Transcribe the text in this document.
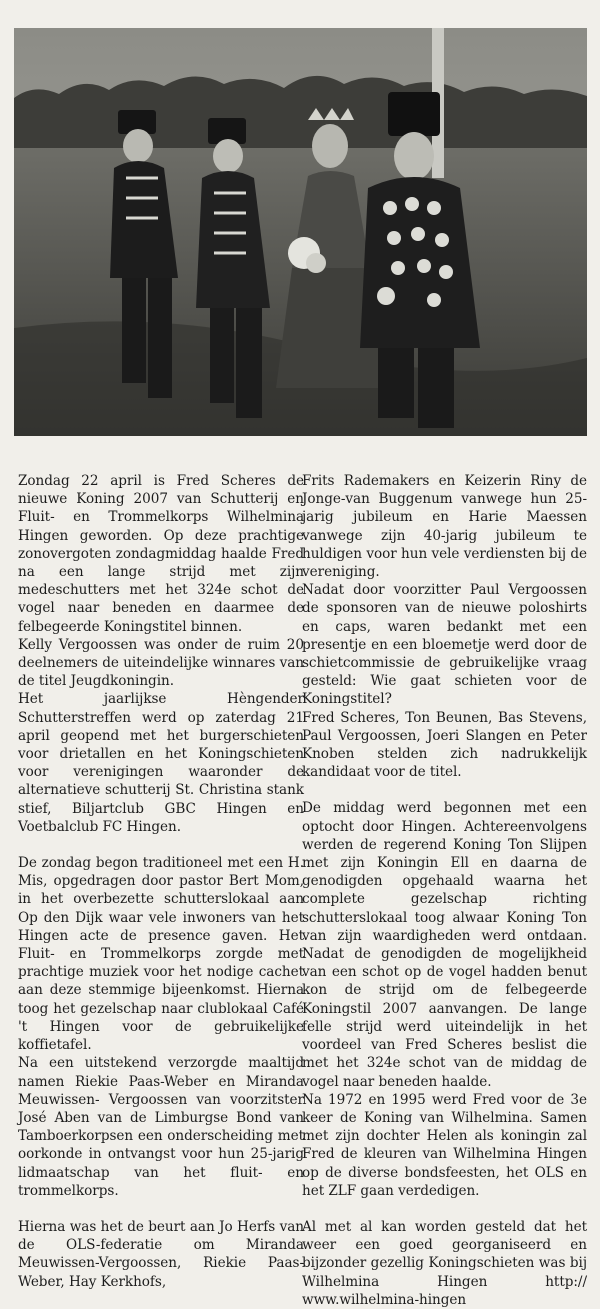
Zondag 22 april is Fred Scheres de nieuwe Koning 2007 van Schutterij en Fluit- en Trommelkorps Wilhelmina Hingen geworden. Op deze prachtige zonovergoten zondagmiddag haalde Fred na een lange strijd met zijn medeschutters met het 324e schot de vogel naar beneden en daarmee de felbegeerde Koningstitel binnen.

Kelly Vergoossen was onder de ruim 20 deelnemers de uiteindelijke winnares van de titel Jeugdkoningin.

Het jaarlijkse Hèngender Schutterstreffen werd op zaterdag 21 april geopend met het burgerschieten voor drietallen en het Koningschieten voor verenigingen waaronder de alternatieve schutterij St. Christina stank stief, Biljartclub GBC Hingen en Voetbalclub FC Hingen.

De zondag begon traditioneel met een H. Mis, opgedragen door pastor Bert Mom, in het overbezette schutterslokaal aan Op den Dijk waar vele inwoners van het Hingen acte de presence gaven. Het Fluit- en Trommelkorps zorgde met prachtige muziek voor het nodige cachet aan deze stemmige bijeenkomst. Hierna toog het gezelschap naar clublokaal Café 't Hingen voor de gebruikelijke koffietafel.

Na een uitstekend verzorgde maaltijd namen Riekie Paas-Weber en Miranda Meuwissen- Vergoossen van voorzitster José Aben van de Limburgse Bond van Tamboerkorpsen een onderscheiding met oorkonde in ontvangst voor hun 25-jarig lidmaatschap van het fluit- en trommelkorps.

Hierna was het de beurt aan Jo Herfs van de OLS-federatie om Miranda Meuwissen-Vergoossen, Riekie Paas-Weber, Hay Kerkhofs,

Frits Rademakers en Keizerin Riny de Jonge-van Buggenum vanwege hun 25-jarig jubileum en Harie Maessen vanwege zijn 40-jarig jubileum te huldigen voor hun vele verdiensten bij de vereniging.

Nadat door voorzitter Paul Vergoossen de sponsoren van de nieuwe poloshirts en caps, waren bedankt met een presentje en een bloemetje werd door de schietcommissie de gebruikelijke vraag gesteld: Wie gaat schieten voor de Koningstitel?

Fred Scheres, Ton Beunen, Bas Stevens, Paul Vergoossen, Joeri Slangen en Peter Knoben stelden zich nadrukkelijk kandidaat voor de titel.

De middag werd begonnen met een optocht door Hingen. Achtereenvolgens werden de regerend Koning Ton Slijpen met zijn Koningin Ell en daarna de genodigden opgehaald waarna het complete gezelschap richting schutterslokaal toog alwaar Koning Ton van zijn waardigheden werd ontdaan. Nadat de genodigden de mogelijkheid van een schot op de vogel hadden benut kon de strijd om de felbegeerde Koningstil 2007 aanvangen. De lange felle strijd werd uiteindelijk in het voordeel van Fred Scheres beslist die met het 324e schot van de middag de vogel naar beneden haalde.

Na 1972 en 1995 werd Fred voor de 3e keer de Koning van Wilhelmina. Samen met zijn dochter Helen als koningin zal Fred de kleuren van Wilhelmina Hingen op de diverse bondsfeesten, het OLS en het ZLF gaan verdedigen.

Al met al kan worden gesteld dat het weer een goed georganiseerd en bijzonder gezellig Koningschieten was bij Wilhelmina Hingen http:// www.wilhelmina-hingen
